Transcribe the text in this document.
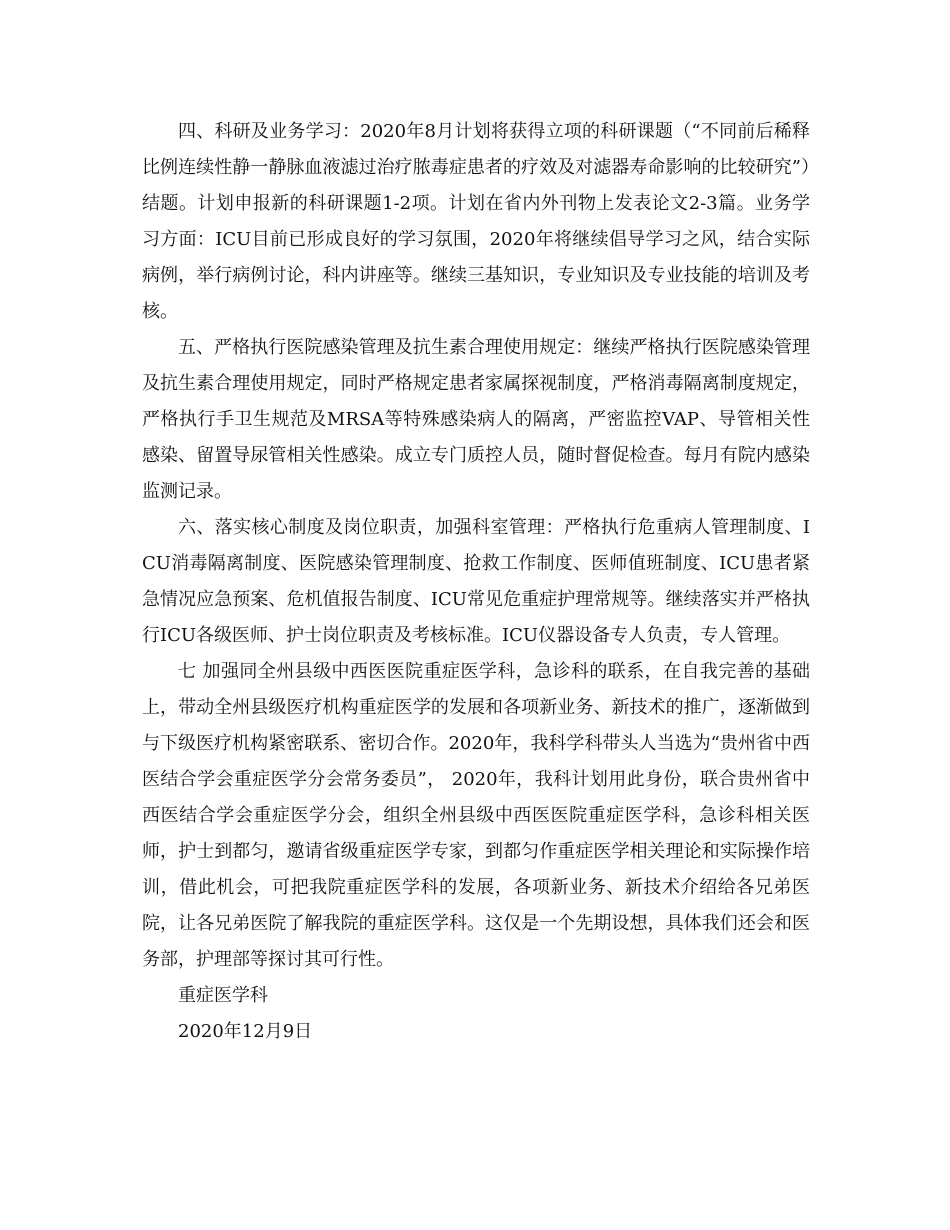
四、科研及业务学习：2020年8月计划将获得立项的科研课题（“不同前后稀释比例连续性静一静脉血液滤过治疗脓毒症患者的疗效及对滤器寿命影响的比较研究”）结题。计划申报新的科研课题1-2项。计划在省内外刊物上发表论文2-3篇。业务学习方面：ICU目前已形成良好的学习氛围，2020年将继续倡导学习之风，结合实际病例，举行病例讨论，科内讲座等。继续三基知识，专业知识及专业技能的培训及考核。

五、严格执行医院感染管理及抗生素合理使用规定：继续严格执行医院感染管理及抗生素合理使用规定，同时严格规定患者家属探视制度，严格消毒隔离制度规定，严格执行手卫生规范及MRSA等特殊感染病人的隔离，严密监控VAP、导管相关性感染、留置导尿管相关性感染。成立专门质控人员，随时督促检查。每月有院内感染监测记录。

六、落实核心制度及岗位职责，加强科室管理：严格执行危重病人管理制度、ICU消毒隔离制度、医院感染管理制度、抢救工作制度、医师值班制度、ICU患者紧急情况应急预案、危机值报告制度、ICU常见危重症护理常规等。继续落实并严格执行ICU各级医师、护士岗位职责及考核标准。ICU仪器设备专人负责，专人管理。

七 加强同全州县级中西医医院重症医学科，急诊科的联系，在自我完善的基础上，带动全州县级医疗机构重症医学的发展和各项新业务、新技术的推广，逐渐做到与下级医疗机构紧密联系、密切合作。2020年，我科学科带头人当选为“贵州省中西医结合学会重症医学分会常务委员”， 2020年，我科计划用此身份，联合贵州省中西医结合学会重症医学分会，组织全州县级中西医医院重症医学科，急诊科相关医师，护士到都匀，邀请省级重症医学专家，到都匀作重症医学相关理论和实际操作培训，借此机会，可把我院重症医学科的发展，各项新业务、新技术介绍给各兄弟医院，让各兄弟医院了解我院的重症医学科。这仅是一个先期设想，具体我们还会和医务部，护理部等探讨其可行性。

重症医学科

2020年12月9日
